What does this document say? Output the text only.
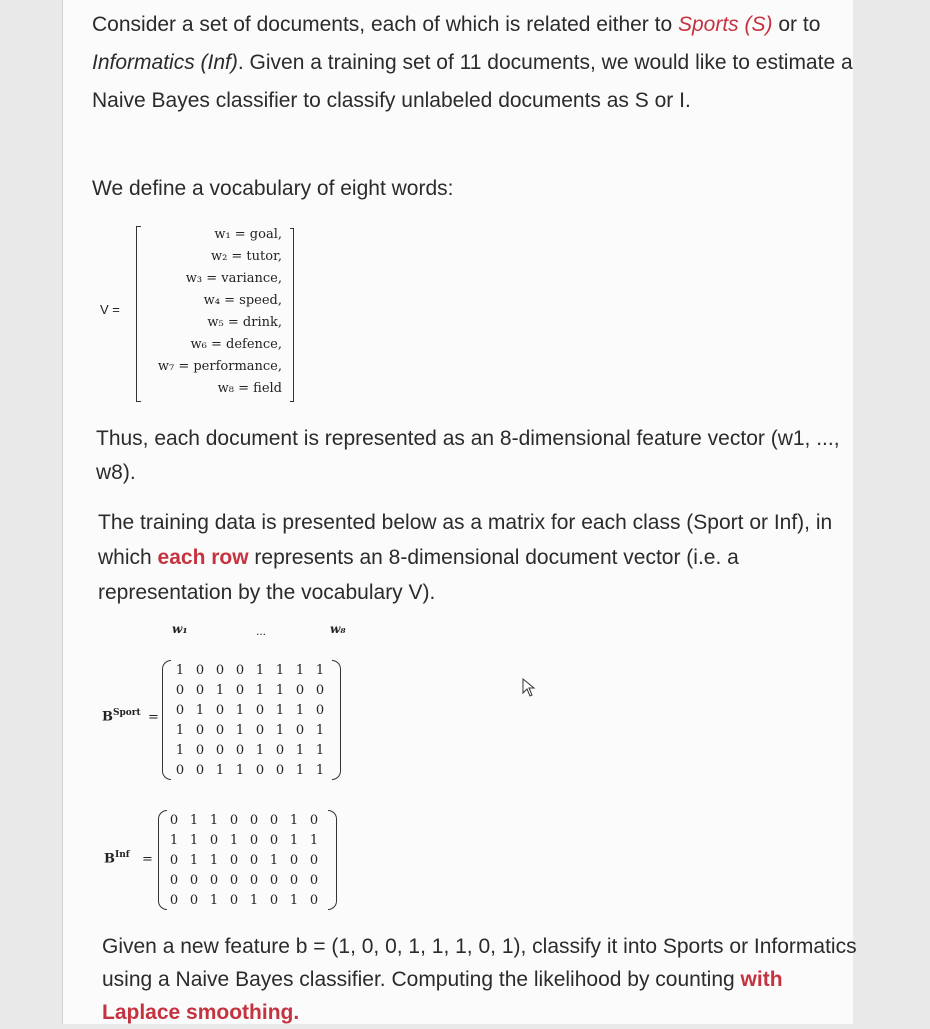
Consider a set of documents, each of which is related either to Sports (S) or to Informatics (Inf). Given a training set of 11 documents, we would like to estimate a Naive Bayes classifier to classify unlabeled documents as S or I.

We define a vocabulary of eight words:

V =
w₁ = goal,
w₂ = tutor,
w₃ = variance,
w₄ = speed,
w₅ = drink,
w₆ = defence,
w₇ = performance,
w₈ = field

Thus, each document is represented as an 8-dimensional feature vector (w1, ..., w8).

The training data is presented below as a matrix for each class (Sport or Inf), in which each row represents an 8-dimensional document vector (i.e. a representation by the vocabulary V).

w₁	...	w₈
$B^{Sport}$ =
1	0	0	0	1	1	1	1
0	0	1	0	1	1	0	0
0	1	0	1	0	1	1	0
1	0	0	1	0	1	0	1
1	0	0	0	1	0	1	1
0	0	1	1	0	0	1	1
$B^{Inf}$ =
0	1	1	0	0	0	1	0
1	1	0	1	0	0	1	1
0	1	1	0	0	1	0	0
0	0	0	0	0	0	0	0
0	0	1	0	1	0	1	0

Given a new feature b = (1, 0, 0, 1, 1, 1, 0, 1), classify it into Sports or Informatics using a Naive Bayes classifier. Computing the likelihood by counting with Laplace smoothing.
